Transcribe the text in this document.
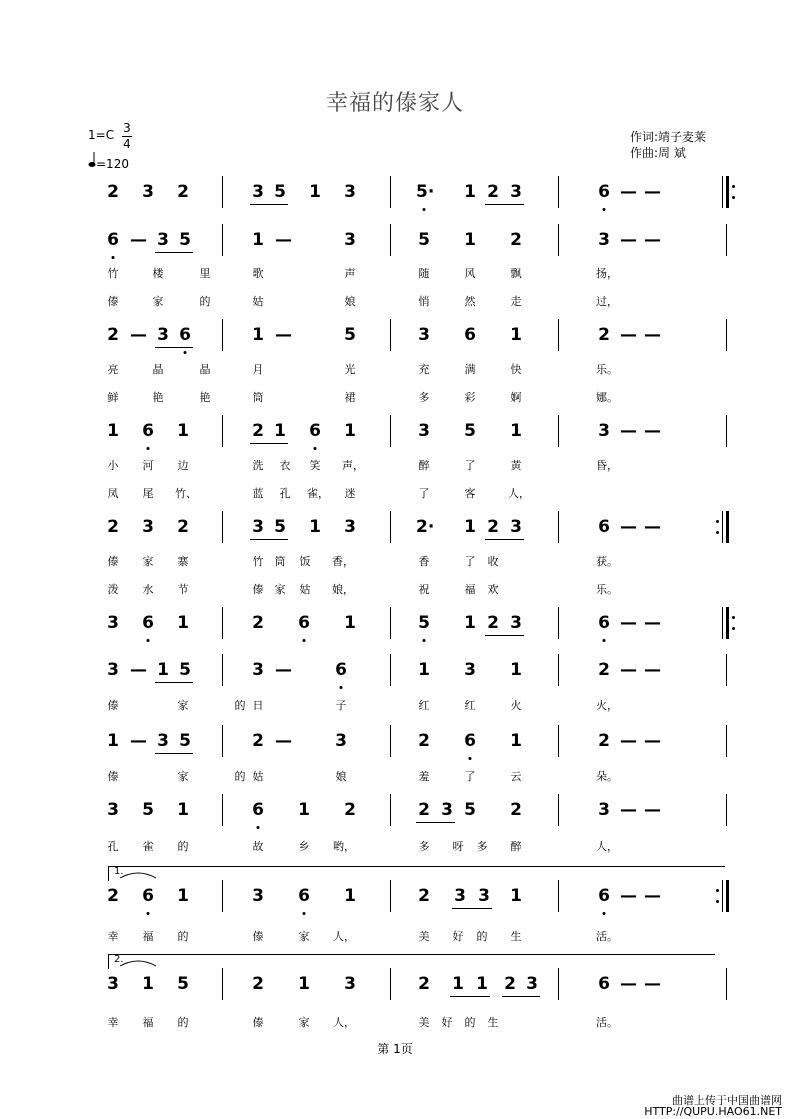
幸福的傣家人
1=C 3
4
=120
作词:靖子麦莱
作曲:周 斌
2 3 2	3 5 1 3	5· 1 2 3	6 — —
6 — 3 5	1 —	3	5 1 2	3 — —
竹	楼	里	歌	声	随	风	飘	扬，
傣	家	的	姑	娘	悄	然	走	过，
2 — 3 6	1 —	5	3 6 1	2 — —
亮	晶	晶	月	光	充	满	快	乐。
鲜	艳	艳	筒	裙	多	彩	婀	娜。
1 6 1	2 1 6 1	3 5 1	3 — —
小 河 边	洗 衣 笑 声，	醉	了	黄	昏，
凤 尾 竹、	蓝 孔 雀， 迷	了	客	人，
2 3 2	3 5 1 3	2· 1 2 3	6 — —
傣 家 寨	竹 筒 饭 香，	香	了 收	获。
泼 水 节	傣 家 姑 娘，	祝	福 欢	乐。
3 6 1	2 6 1	5 1 2 3	6 — —
3 — 1 5	3 —	6	1 3 1	2 — —
傣	家	的 日	子	红	红	火	火，
1 — 3 5	2 —	3	2 6 1	2 — —
傣	家	的 姑	娘	羞	了	云	朵。
3 5 1	6 1 2	2 3 5 2	3 — —
孔 雀 的	故	乡 哟，	多 呀 多 醉	人，
2 6 1	3 6 1	2 3 3 1	6 — —
幸 福 的	傣	家 人，	美 好 的 生	活。
3 1 5	2 1 3	2 1 1 2 3	6 — —
幸 福 的	傣	家 人，	美 好 的 生	活。
1.
2.
第 1页
曲谱上传于中国曲谱网
HTTP://QUPU.HAO61.NET
